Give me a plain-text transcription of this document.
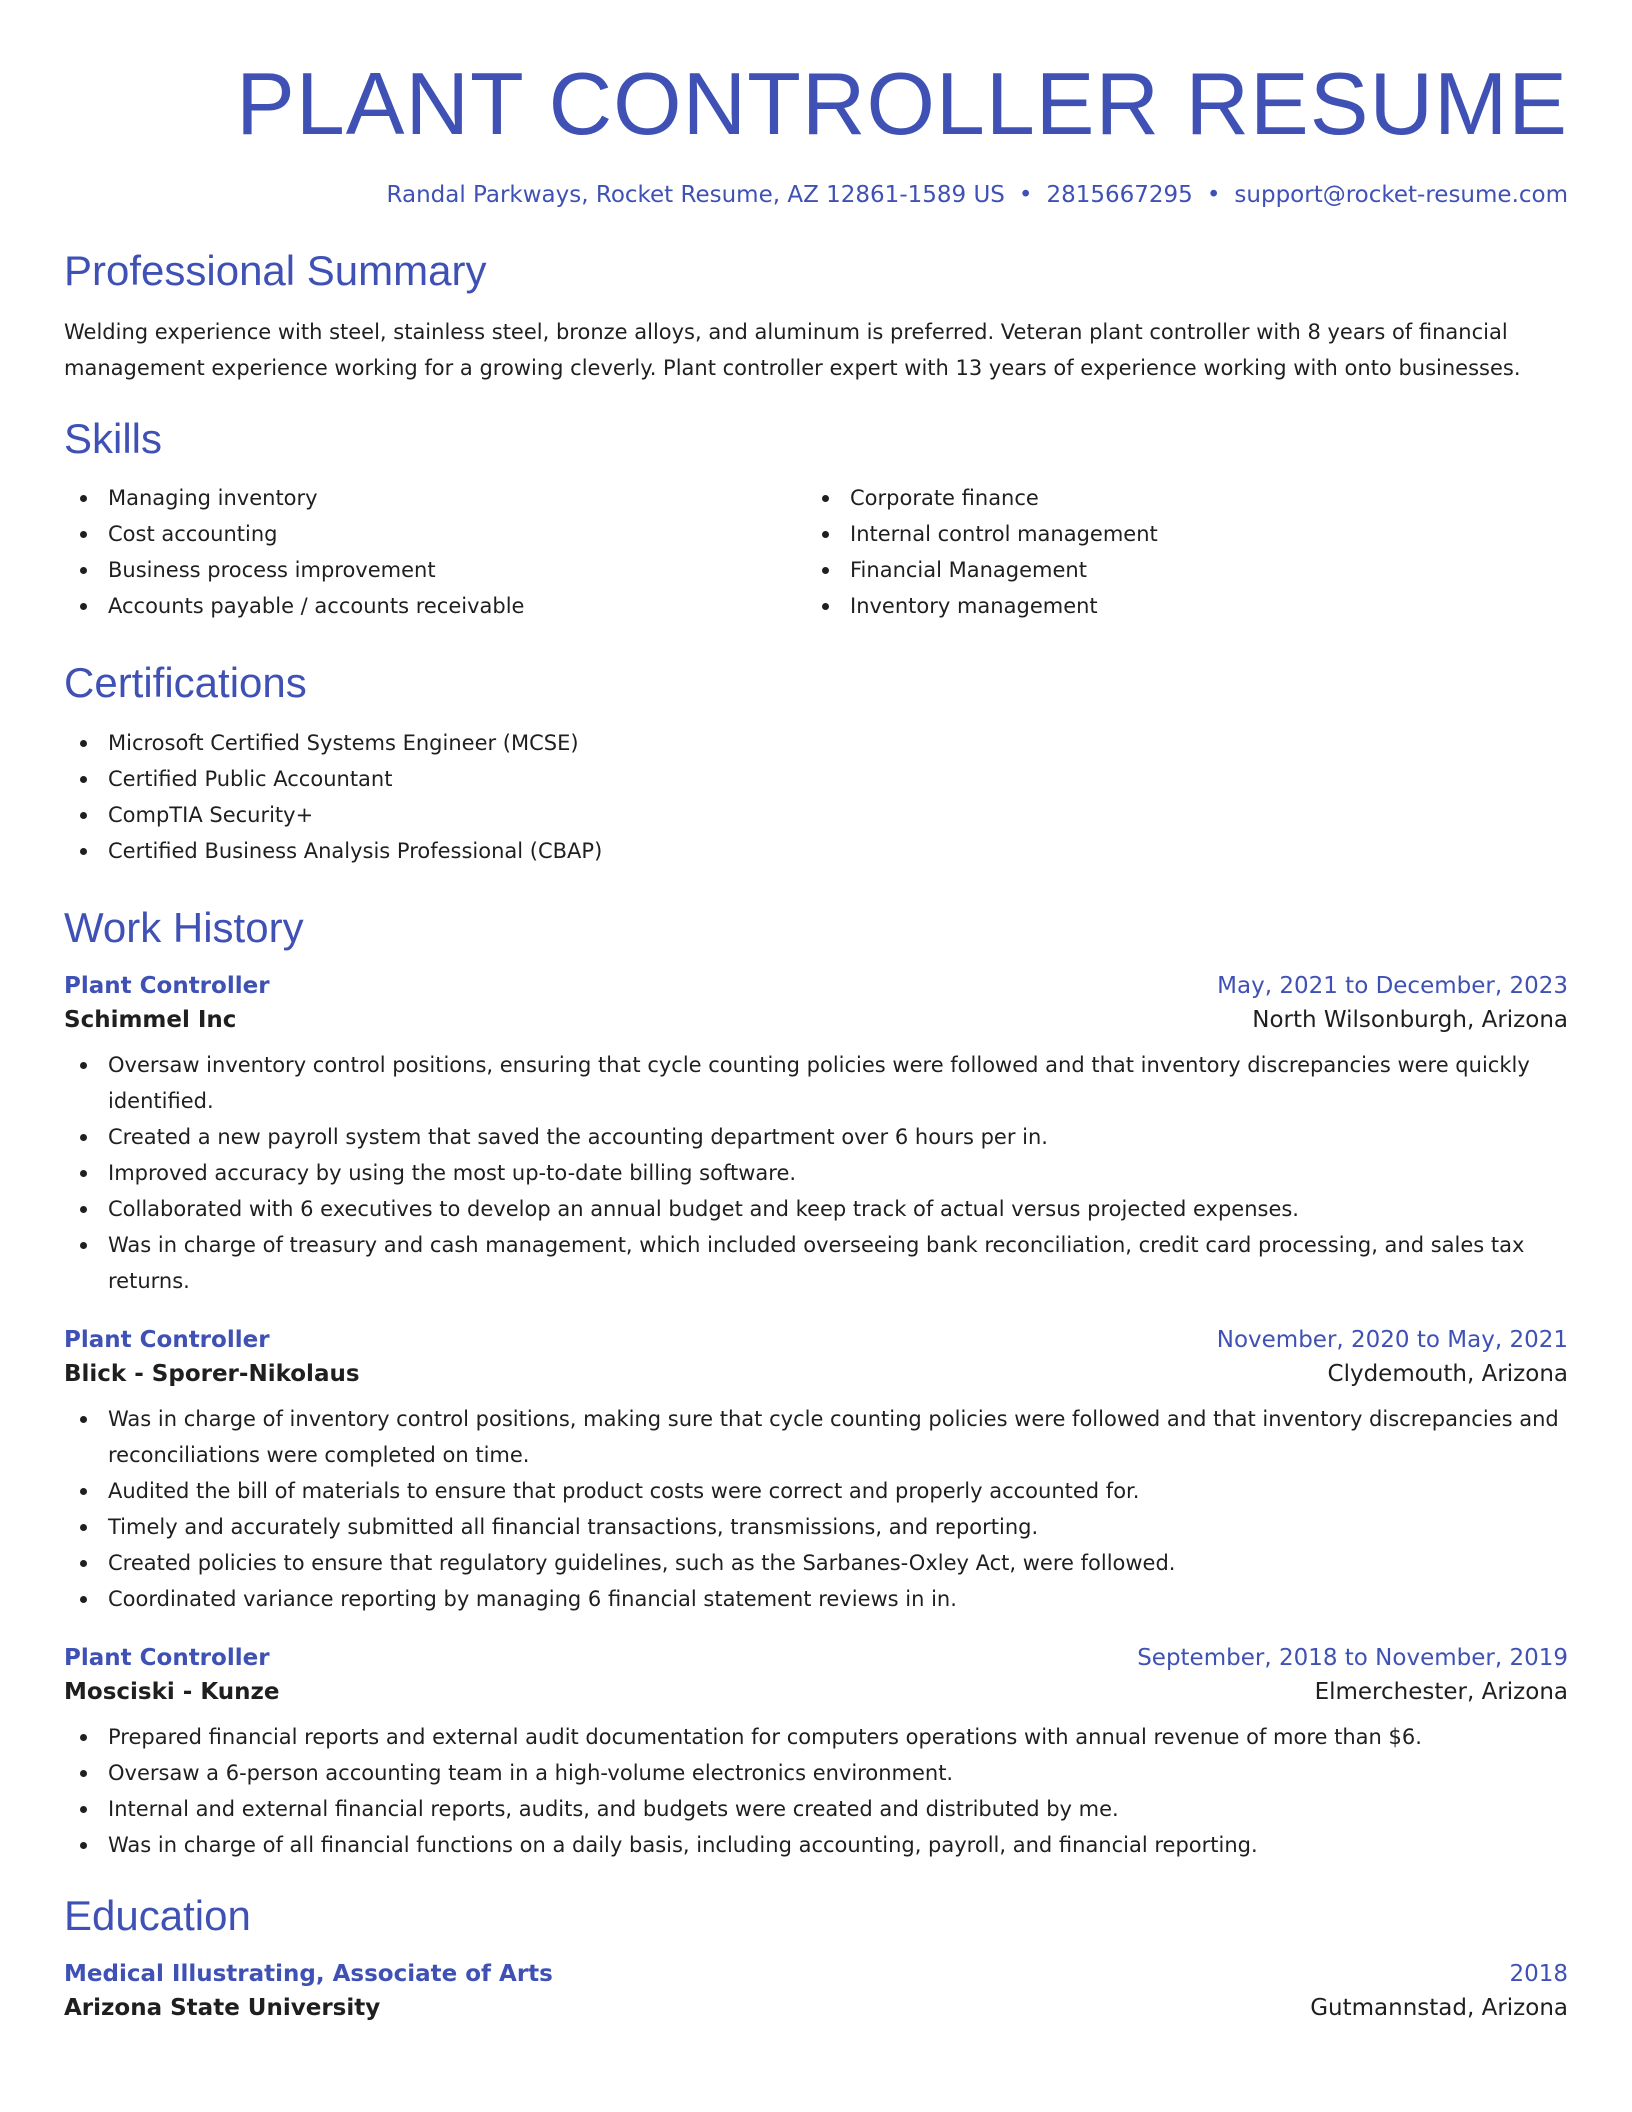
PLANT CONTROLLER RESUME
Randal Parkways, Rocket Resume, AZ 12861-1589 US • 2815667295 • support@rocket-resume.com
Professional Summary

Welding experience with steel, stainless steel, bronze alloys, and aluminum is preferred. Veteran plant controller with 8 years of financial management experience working for a growing cleverly. Plant controller expert with 13 years of experience working with onto businesses.

Skills
Managing inventory
Cost accounting
Business process improvement
Accounts payable / accounts receivable
Corporate finance
Internal control management
Financial Management
Inventory management
Certifications
Microsoft Certified Systems Engineer (MCSE)
Certified Public Accountant
CompTIA Security+
Certified Business Analysis Professional (CBAP)
Work History
Plant Controller	May, 2021 to December, 2023
Schimmel Inc	North Wilsonburgh, Arizona
Oversaw inventory control positions, ensuring that cycle counting policies were followed and that inventory discrepancies were quickly identified.
Created a new payroll system that saved the accounting department over 6 hours per in.
Improved accuracy by using the most up-to-date billing software.
Collaborated with 6 executives to develop an annual budget and keep track of actual versus projected expenses.
Was in charge of treasury and cash management, which included overseeing bank reconciliation, credit card processing, and sales tax returns.
Plant Controller	November, 2020 to May, 2021
Blick - Sporer-Nikolaus	Clydemouth, Arizona
Was in charge of inventory control positions, making sure that cycle counting policies were followed and that inventory discrepancies and reconciliations were completed on time.
Audited the bill of materials to ensure that product costs were correct and properly accounted for.
Timely and accurately submitted all financial transactions, transmissions, and reporting.
Created policies to ensure that regulatory guidelines, such as the Sarbanes-Oxley Act, were followed.
Coordinated variance reporting by managing 6 financial statement reviews in in.
Plant Controller	September, 2018 to November, 2019
Mosciski - Kunze	Elmerchester, Arizona
Prepared financial reports and external audit documentation for computers operations with annual revenue of more than $6.
Oversaw a 6-person accounting team in a high-volume electronics environment.
Internal and external financial reports, audits, and budgets were created and distributed by me.
Was in charge of all financial functions on a daily basis, including accounting, payroll, and financial reporting.
Education
Medical Illustrating, Associate of Arts	2018
Arizona State University	Gutmannstad, Arizona
